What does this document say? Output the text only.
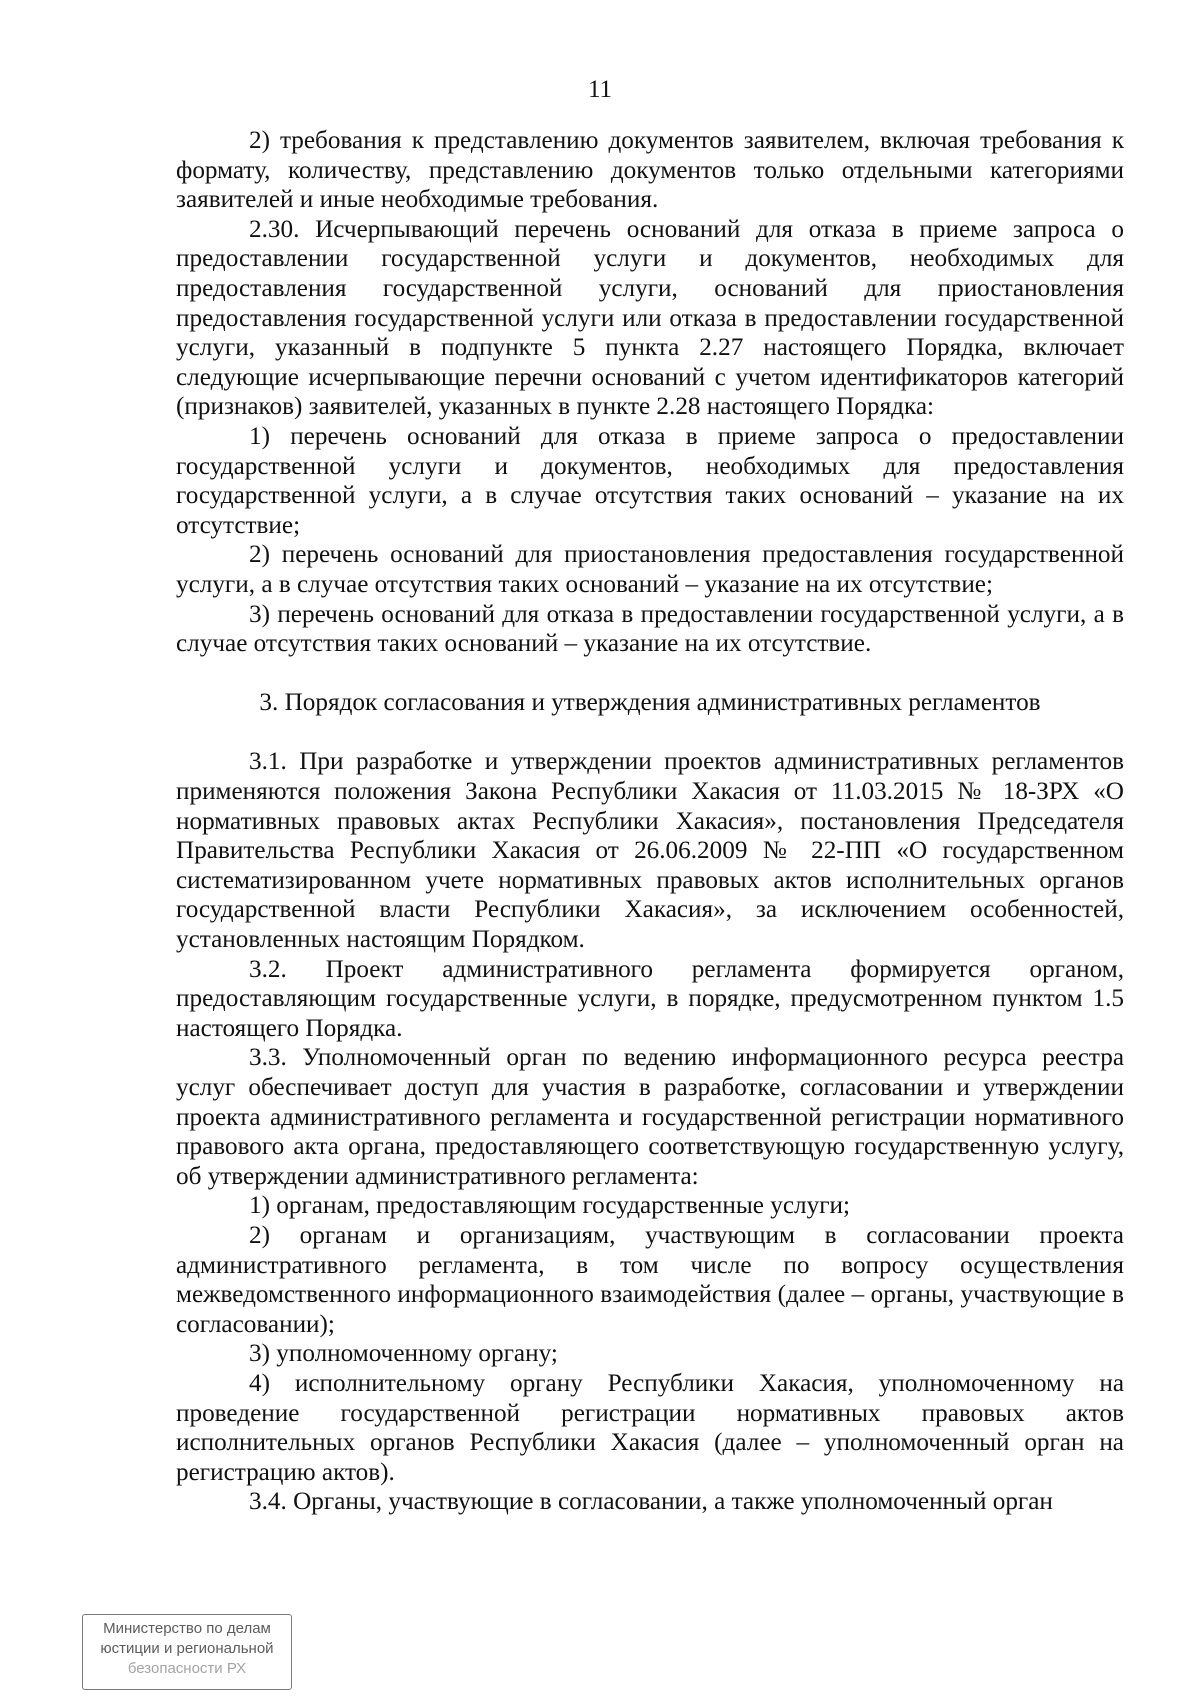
11

2) требования к представлению документов заявителем, включая требования к формату, количеству, представлению документов только отдельными категориями заявителей и иные необходимые требования.

2.30. Исчерпывающий перечень оснований для отказа в приеме запроса о предоставлении государственной услуги и документов, необходимых для предоставления государственной услуги, оснований для приостановления предоставления государственной услуги или отказа в предоставлении государственной услуги, указанный в подпункте 5 пункта 2.27 настоящего Порядка, включает следующие исчерпывающие перечни оснований с учетом идентификаторов категорий (признаков) заявителей, указанных в пункте 2.28 настоящего Порядка:

1) перечень оснований для отказа в приеме запроса о предоставлении государственной услуги и документов, необходимых для предоставления государственной услуги, а в случае отсутствия таких оснований – указание на их отсутствие;

2) перечень оснований для приостановления предоставления государственной услуги, а в случае отсутствия таких оснований – указание на их отсутствие;

3) перечень оснований для отказа в предоставлении государственной услуги, а в случае отсутствия таких оснований – указание на их отсутствие.

3. Порядок согласования и утверждения административных регламентов

3.1. При разработке и утверждении проектов административных регламентов применяются положения Закона Республики Хакасия от 11.03.2015 № 18-ЗРХ «О нормативных правовых актах Республики Хакасия», постановления Председателя Правительства Республики Хакасия от 26.06.2009 № 22-ПП «О государственном систематизированном учете нормативных правовых актов исполнительных органов государственной власти Республики Хакасия», за исключением особенностей, установленных настоящим Порядком.

3.2. Проект административного регламента формируется органом, предоставляющим государственные услуги, в порядке, предусмотренном пунктом 1.5 настоящего Порядка.

3.3. Уполномоченный орган по ведению информационного ресурса реестра услуг обеспечивает доступ для участия в разработке, согласовании и утверждении проекта административного регламента и государственной регистрации нормативного правового акта органа, предоставляющего соответствующую государственную услугу, об утверждении административного регламента:

1) органам, предоставляющим государственные услуги;

2) органам и организациям, участвующим в согласовании проекта административного регламента, в том числе по вопросу осуществления межведомственного информационного взаимодействия (далее – органы, участвующие в согласовании);

3) уполномоченному органу;

4) исполнительному органу Республики Хакасия, уполномоченному на проведение государственной регистрации нормативных правовых актов исполнительных органов Республики Хакасия (далее – уполномоченный орган на регистрацию актов).

3.4. Органы, участвующие в согласовании, а также уполномоченный орган

Министерство по делам
юстиции и региональной
безопасности РХ
